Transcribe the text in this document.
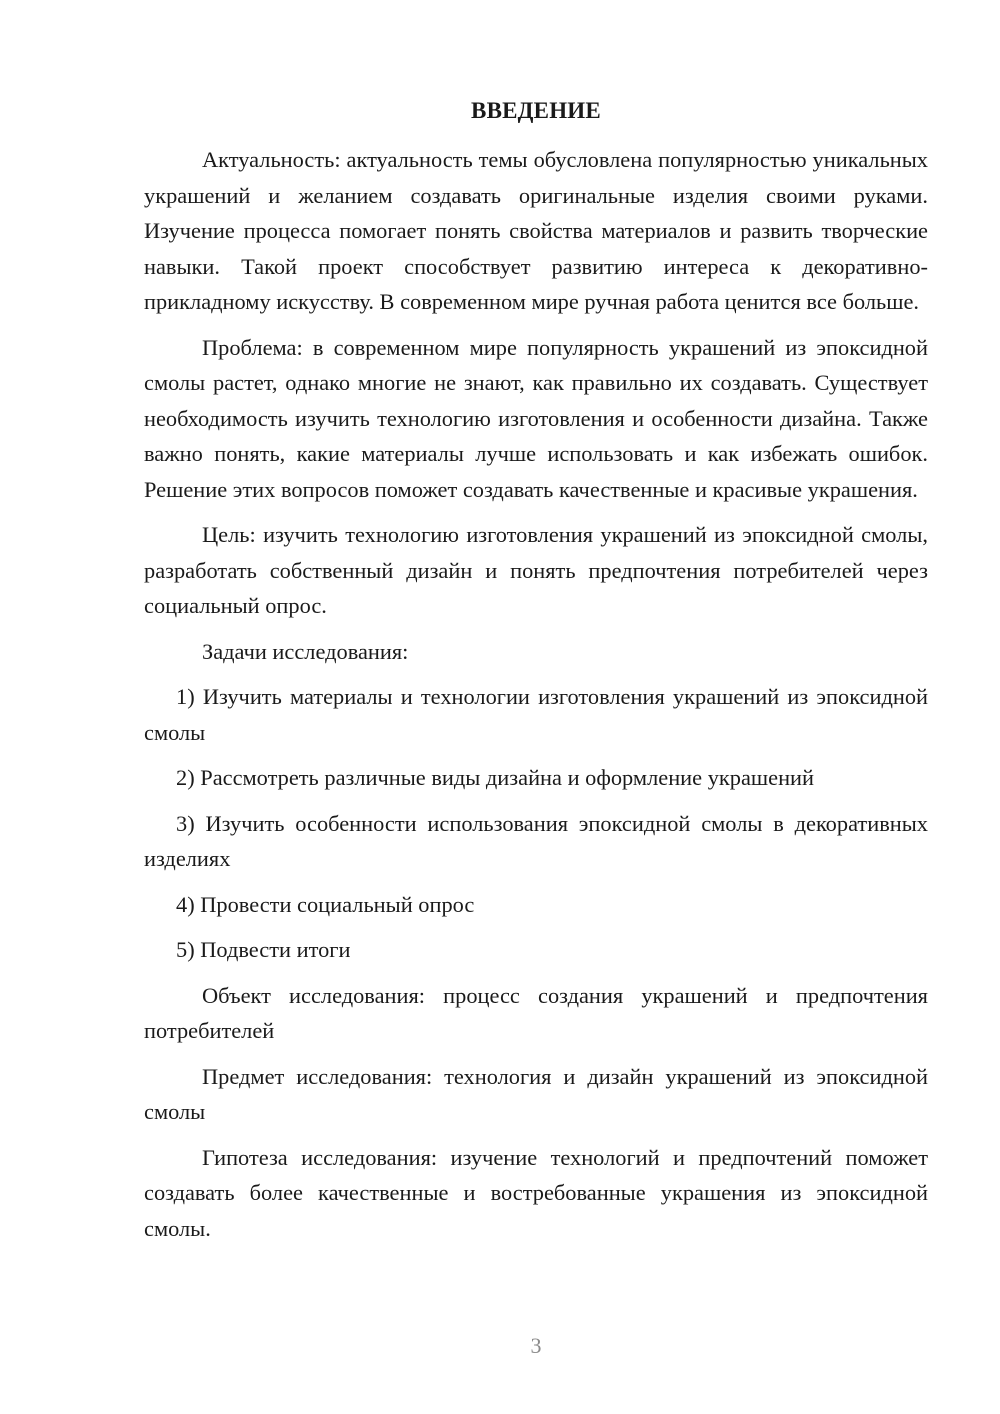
ВВЕДЕНИЕ

Актуальность: актуальность темы обусловлена популярностью уникальных украшений и желанием создавать оригинальные изделия своими руками. Изучение процесса помогает понять свойства материалов и развить творческие навыки. Такой проект способствует развитию интереса к декоративно-прикладному искусству. В современном мире ручная работа ценится все больше.

Проблема: в современном мире популярность украшений из эпоксидной смолы растет, однако многие не знают, как правильно их создавать. Существует необходимость изучить технологию изготовления и особенности дизайна. Также важно понять, какие материалы лучше использовать и как избежать ошибок. Решение этих вопросов поможет создавать качественные и красивые украшения.

Цель: изучить технологию изготовления украшений из эпоксидной смолы, разработать собственный дизайн и понять предпочтения потребителей через социальный опрос.

Задачи исследования:

1) Изучить материалы и технологии изготовления украшений из эпоксидной смолы

2) Рассмотреть различные виды дизайна и оформление украшений

3) Изучить особенности использования эпоксидной смолы в декоративных изделиях

4) Провести социальный опрос

5) Подвести итоги

Объект исследования: процесс создания украшений и предпочтения потребителей

Предмет исследования: технология и дизайн украшений из эпоксидной смолы

Гипотеза исследования: изучение технологий и предпочтений поможет создавать более качественные и востребованные украшения из эпоксидной смолы.

3
